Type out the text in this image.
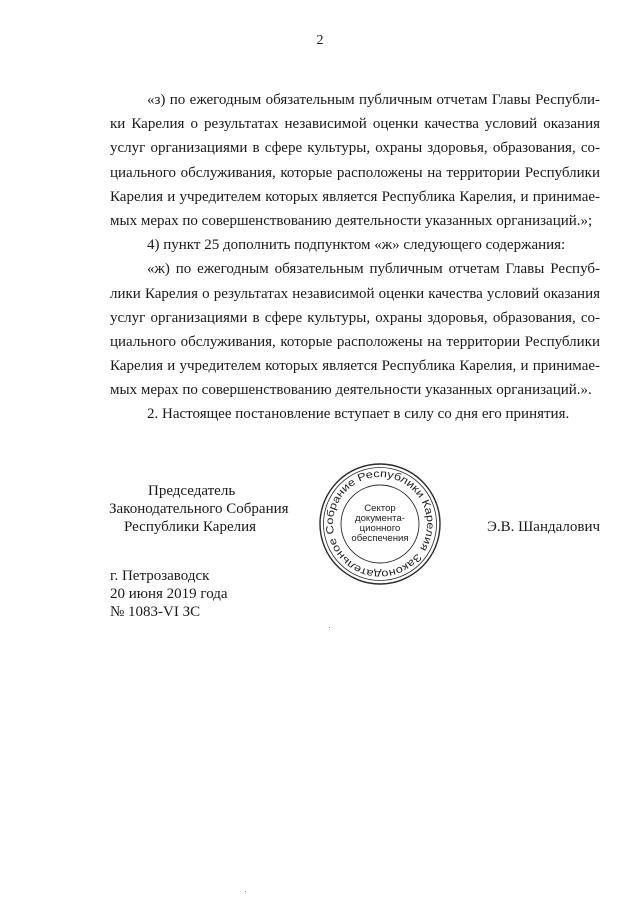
2
«з) по ежегодным обязательным публичным отчетам Главы Республи-
ки Карелия о результатах независимой оценки качества условий оказания
услуг организациями в сфере культуры, охраны здоровья, образования, со-
циального обслуживания, которые расположены на территории Республики
Карелия и учредителем которых является Республика Карелия, и принимае-
мых мерах по совершенствованию деятельности указанных организаций.»;
4) пункт 25 дополнить подпунктом «ж» следующего содержания:
«ж) по ежегодным обязательным публичным отчетам Главы Респуб-
лики Карелия о результатах независимой оценки качества условий оказания
услуг организациями в сфере культуры, охраны здоровья, образования, со-
циального обслуживания, которые расположены на территории Республики
Карелия и учредителем которых является Республика Карелия, и принимае-
мых мерах по совершенствованию деятельности указанных организаций.».
2. Настоящее постановление вступает в силу со дня его принятия.
Председатель
Законодательного Собрания
Республики Карелия
Законодательное Собрание Республики Карелия
Сектор
документа-
ционного
обеспечения
Э.В. Шандалович
г. Петрозаводск
20 июня 2019 года
№ 1083-VI ЗС
